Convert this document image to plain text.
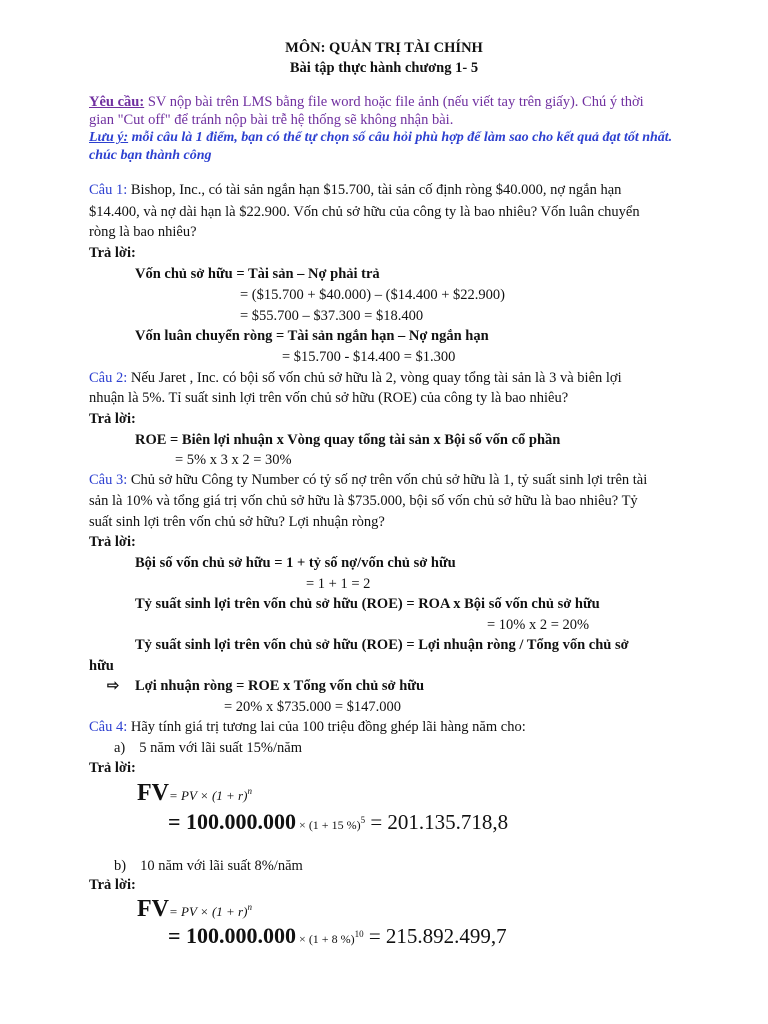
MÔN: QUẢN TRỊ TÀI CHÍNH
Bài tập thực hành chương 1- 5
Yêu cầu: SV nộp bài trên LMS bằng file word hoặc file ảnh (nếu viết tay trên giấy). Chú ý thời
gian "Cut off" để tránh nộp bài trễ hệ thống sẽ không nhận bài.
Lưu ý: mỗi câu là 1 điểm, bạn có thể tự chọn số câu hỏi phù hợp để làm sao cho kết quả đạt tốt nhất.
chúc bạn thành công
Câu 1: Bishop, Inc., có tài sản ngắn hạn $15.700, tài sản cố định ròng $40.000, nợ ngắn hạn
$14.400, và nợ dài hạn là $22.900. Vốn chủ sở hữu của công ty là bao nhiêu? Vốn luân chuyển
ròng là bao nhiêu?
Trả lời:
Vốn chủ sở hữu = Tài sản – Nợ phải trả
= ($15.700 + $40.000) – ($14.400 + $22.900)
= $55.700 – $37.300 = $18.400
Vốn luân chuyển ròng = Tài sản ngắn hạn – Nợ ngắn hạn
= $15.700 - $14.400 = $1.300
Câu 2: Nếu Jaret , Inc. có bội số vốn chủ sở hữu là 2, vòng quay tổng tài sản là 3 và biên lợi
nhuận là 5%. Tỉ suất sinh lợi trên vốn chủ sở hữu (ROE) của công ty là bao nhiêu?
Trả lời:
ROE = Biên lợi nhuận x Vòng quay tổng tài sản x Bội số vốn cổ phần
= 5% x 3 x 2 = 30%
Câu 3: Chủ sở hữu Công ty Number có tỷ số nợ trên vốn chủ sở hữu là 1, tỷ suất sinh lợi trên tài
sản là 10% và tổng giá trị vốn chủ sở hữu là $735.000, bội số vốn chủ sở hữu là bao nhiêu? Tỷ
suất sinh lợi trên vốn chủ sở hữu? Lợi nhuận ròng?
Trả lời:
Bội số vốn chủ sở hữu = 1 + tỷ số nợ/vốn chủ sở hữu
= 1 + 1 = 2
Tỷ suất sinh lợi trên vốn chủ sở hữu (ROE) = ROA x Bội số vốn chủ sở hữu
= 10% x 2 = 20%
Tỷ suất sinh lợi trên vốn chủ sở hữu (ROE) = Lợi nhuận ròng / Tổng vốn chủ sở
hữu
⇨ Lợi nhuận ròng = ROE x Tổng vốn chủ sở hữu
= 20% x $735.000 = $147.000
Câu 4: Hãy tính giá trị tương lai của 100 triệu đồng ghép lãi hàng năm cho:
a) 5 năm với lãi suất 15%/năm
Trả lời:
FV= PV × $(1 + r)^n$
= 100.000.000 × (1 + 15 %)$^5$ = 201.135.718,8
b) 10 năm với lãi suất 8%/năm
Trả lời:
FV= PV × $(1 + r)^n$
= 100.000.000 × (1 + 8 %)$^{10}$ = 215.892.499,7
